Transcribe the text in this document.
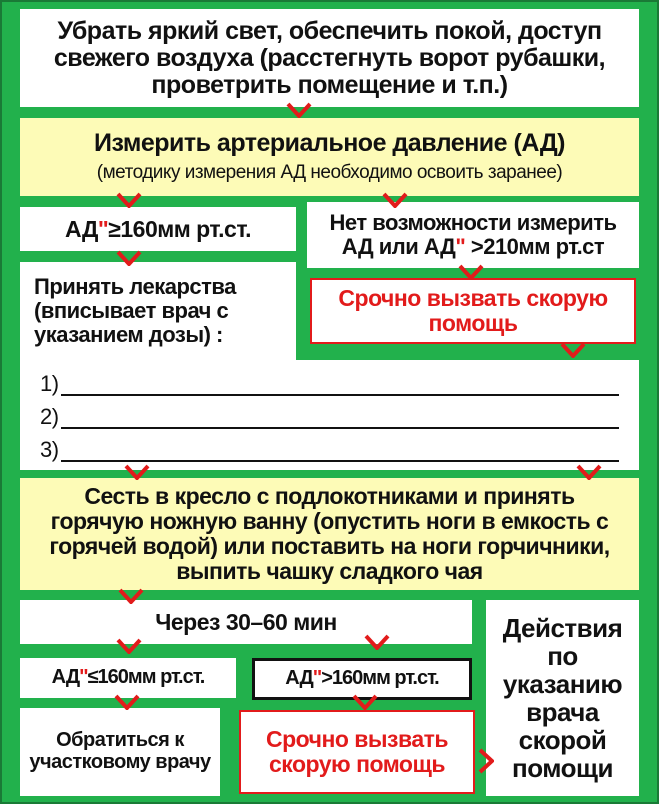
Убрать яркий свет, обеспечить покой, доступ свежего воздуха (расстегнуть ворот рубашки, проветрить помещение и т.п.)
Измерить артериальное давление (АД)
(методику измерения АД необходимо освоить заранее)
АД " ≥160мм рт.ст.	Нет возможности измерить
АД или АД" >210мм рт.ст
Принять лекарства (вписывает врач с указанием дозы) :
Срочно вызвать скорую помощь
1)
2)
3)
Сесть в кресло с подлокотниками и принять горячую ножную ванну (опустить ноги в емкость с горячей водой) или поставить на ноги горчичники, выпить чашку сладкого чая
Через 30–60 мин	Действия по указанию врача скорой помощи
АД " ≤160мм рт.ст.	АД " >160мм рт.ст.
Обратиться к участковому врачу
Срочно вызвать скорую помощь
